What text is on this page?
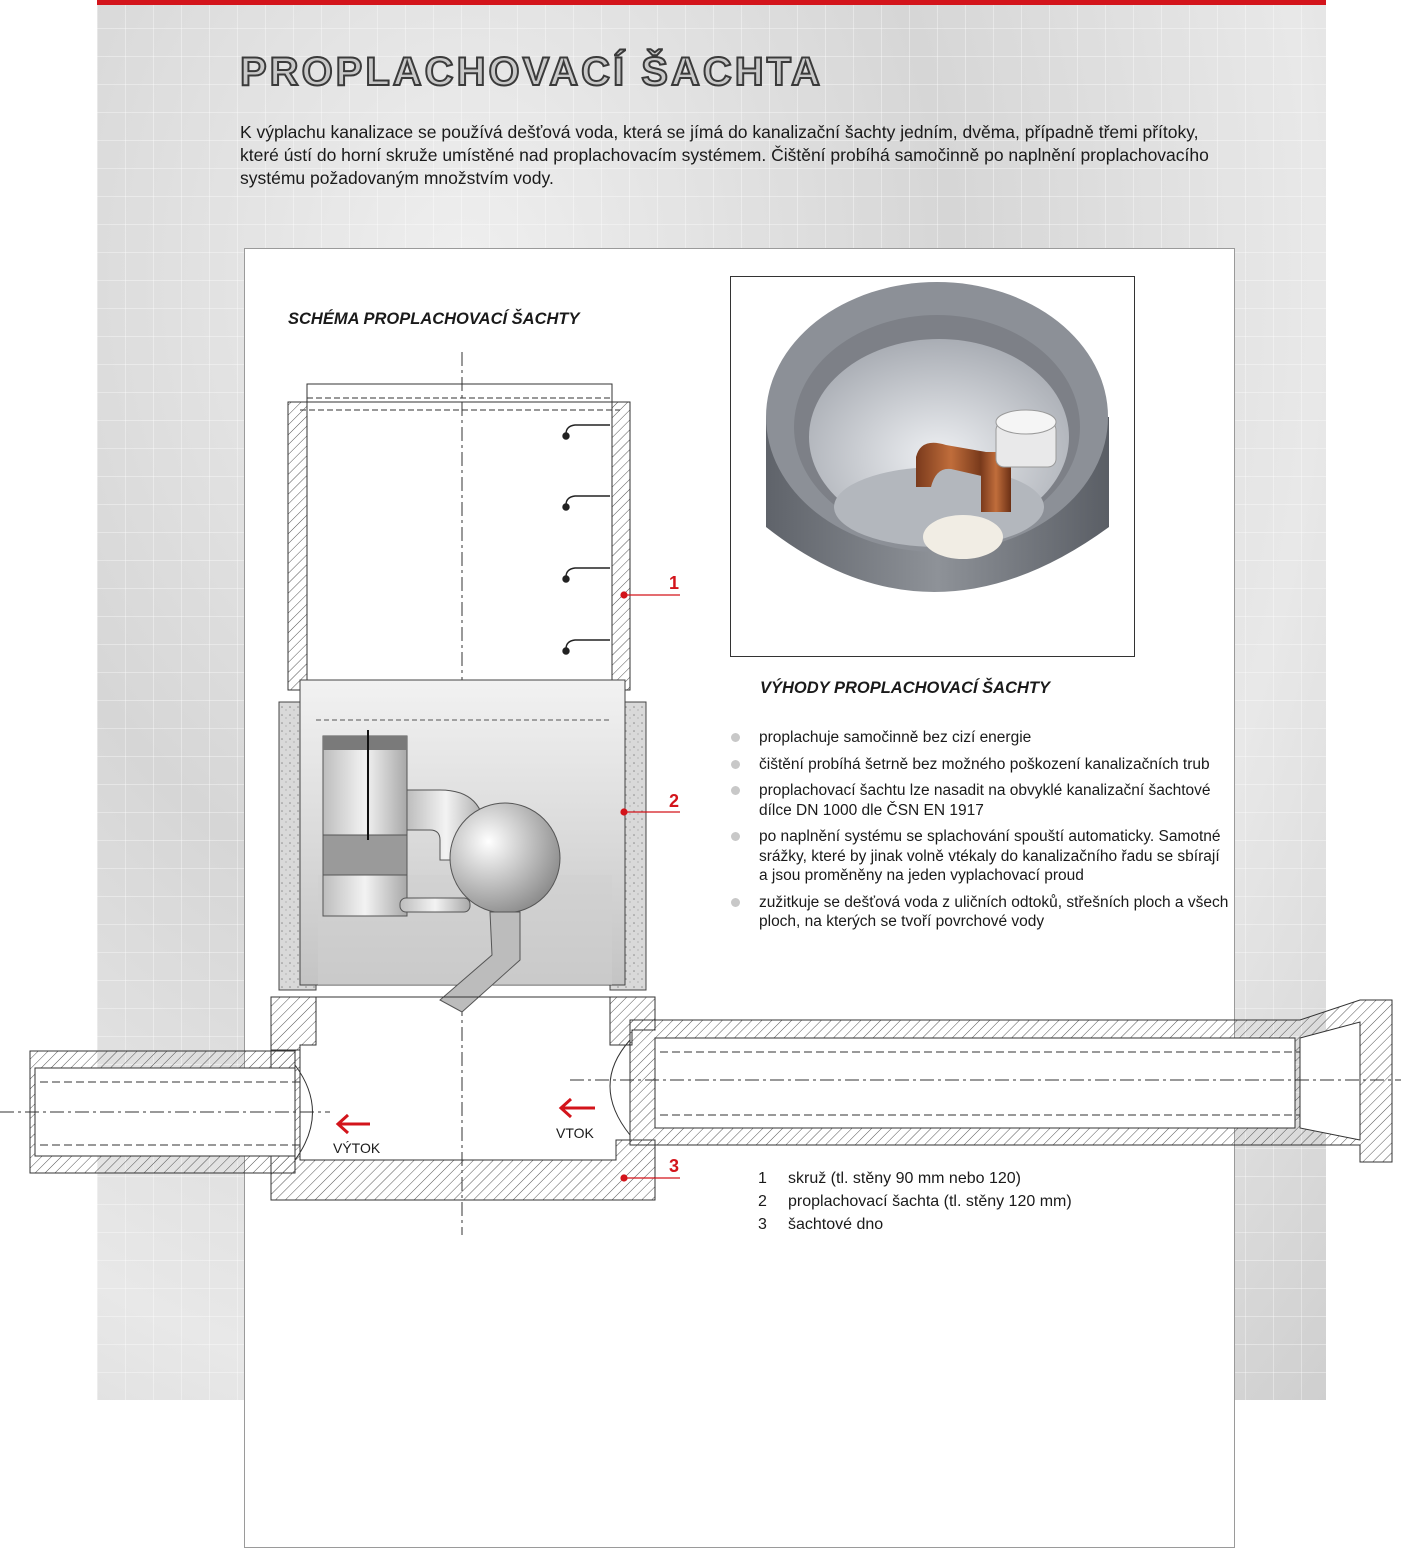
PROPLACHOVACÍ ŠACHTA
K výplachu kanalizace se používá dešťová voda, která se jímá do kanalizační šachty jedním, dvěma, případně třemi přítoky, které ústí do horní skruže umístěné nad proplachovacím systémem. Čištění probíhá samočinně po naplnění proplachovacího systému požadovaným množstvím vody.
SCHÉMA PROPLACHOVACÍ ŠACHTY
VÝHODY PROPLACHOVACÍ ŠACHTY
proplachuje samočinně bez cizí energie
čištění probíhá šetrně bez možného poškození kanalizačních trub
proplachovací šachtu lze nasadit na obvyklé kanalizační šachtové dílce DN 1000 dle ČSN EN 1917
po naplnění systému se splachování spouští automaticky. Samotné srážky, které by jinak volně vtékaly do kanalizačního řadu se sbírají a jsou proměněny na jeden vyplachovací proud
zužitkuje se dešťová voda z uličních odtoků, střešních ploch a všech ploch, na kterých se tvoří povrchové vody
1
2
3
VÝTOK
VTOK
1 skruž (tl. stěny 90 mm nebo 120)
2 proplachovací šachta (tl. stěny 120 mm)
3 šachtové dno
